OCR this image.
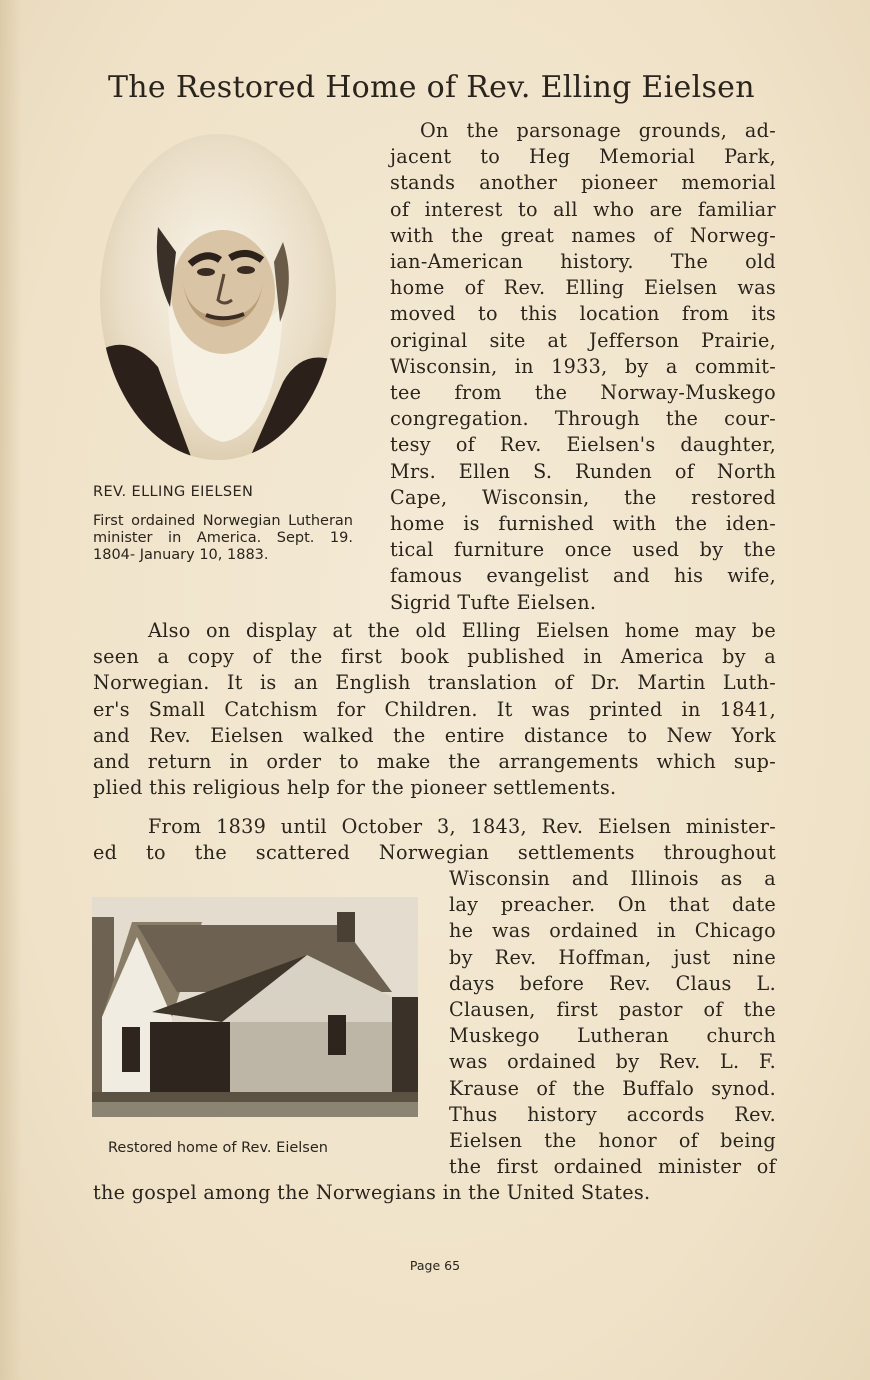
The Restored Home of Rev. Elling Eielsen
REV. ELLING EIELSEN
First ordained Norwegian Lutheran minister in America. Sept. 19. 1804- January 10, 1883.
On the parsonage grounds, ad-
jacent to Heg Memorial Park,
stands another pioneer memorial
of interest to all who are familiar
with the great names of Norweg-
ian-American history. The old
home of Rev. Elling Eielsen was
moved to this location from its
original site at Jefferson Prairie,
Wisconsin, in 1933, by a commit-
tee from the Norway-Muskego
congregation. Through the cour-
tesy of Rev. Eielsen's daughter,
Mrs. Ellen S. Runden of North
Cape, Wisconsin, the restored
home is furnished with the iden-
tical furniture once used by the
famous evangelist and his wife,
Sigrid Tufte Eielsen.
Also on display at the old Elling Eielsen home may be
seen a copy of the first book published in America by a
Norwegian. It is an English translation of Dr. Martin Luth-
er's Small Catchism for Children. It was printed in 1841,
and Rev. Eielsen walked the entire distance to New York
and return in order to make the arrangements which sup-
plied this religious help for the pioneer settlements.
From 1839 until October 3, 1843, Rev. Eielsen minister-
ed to the scattered Norwegian settlements throughout
Wisconsin and Illinois as a
lay preacher. On that date
he was ordained in Chicago
by Rev. Hoffman, just nine
days before Rev. Claus L.
Clausen, first pastor of the
Muskego Lutheran church
was ordained by Rev. L. F.
Krause of the Buffalo synod.
Thus history accords Rev.
Eielsen the honor of being
the first ordained minister of
the gospel among the Norwegians in the United States.
Restored home of Rev. Eielsen
Page 65
